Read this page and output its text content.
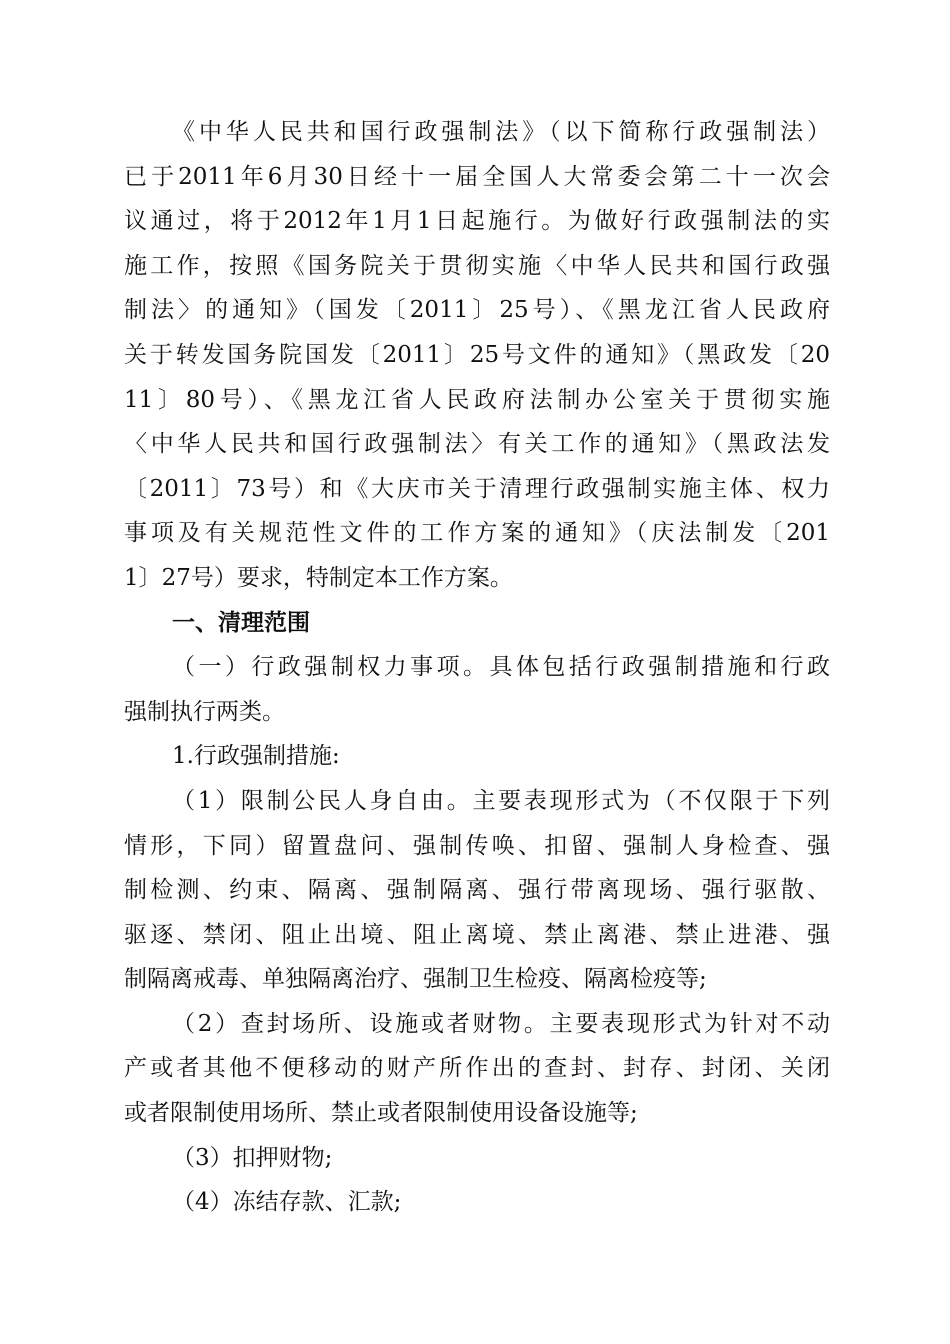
《中华人民共和国行政强制法》（以下简称行政强制法）
已于2011年6月30日经十一届全国人大常委会第二十一次会
议通过，将于2012年1月1日起施行。为做好行政强制法的实
施工作，按照《国务院关于贯彻实施〈中华人民共和国行政强
制法〉的通知》（国发〔2011〕25号）、《黑龙江省人民政府
关于转发国务院国发〔2011〕25号文件的通知》（黑政发〔20
11〕80号）、《黑龙江省人民政府法制办公室关于贯彻实施
〈中华人民共和国行政强制法〉有关工作的通知》（黑政法发
〔2011〕73号）和《大庆市关于清理行政强制实施主体、权力
事项及有关规范性文件的工作方案的通知》（庆法制发〔201
1〕27号）要求，特制定本工作方案。
一、清理范围
（一）行政强制权力事项。具体包括行政强制措施和行政
强制执行两类。
1.行政强制措施:
（1）限制公民人身自由。主要表现形式为（不仅限于下列
情形，下同）留置盘问、强制传唤、扣留、强制人身检查、强
制检测、约束、隔离、强制隔离、强行带离现场、强行驱散、
驱逐、禁闭、阻止出境、阻止离境、禁止离港、禁止进港、强
制隔离戒毒、单独隔离治疗、强制卫生检疫、隔离检疫等;
（2）查封场所、设施或者财物。主要表现形式为针对不动
产或者其他不便移动的财产所作出的查封、封存、封闭、关闭
或者限制使用场所、禁止或者限制使用设备设施等;
（3）扣押财物;
（4）冻结存款、汇款;
